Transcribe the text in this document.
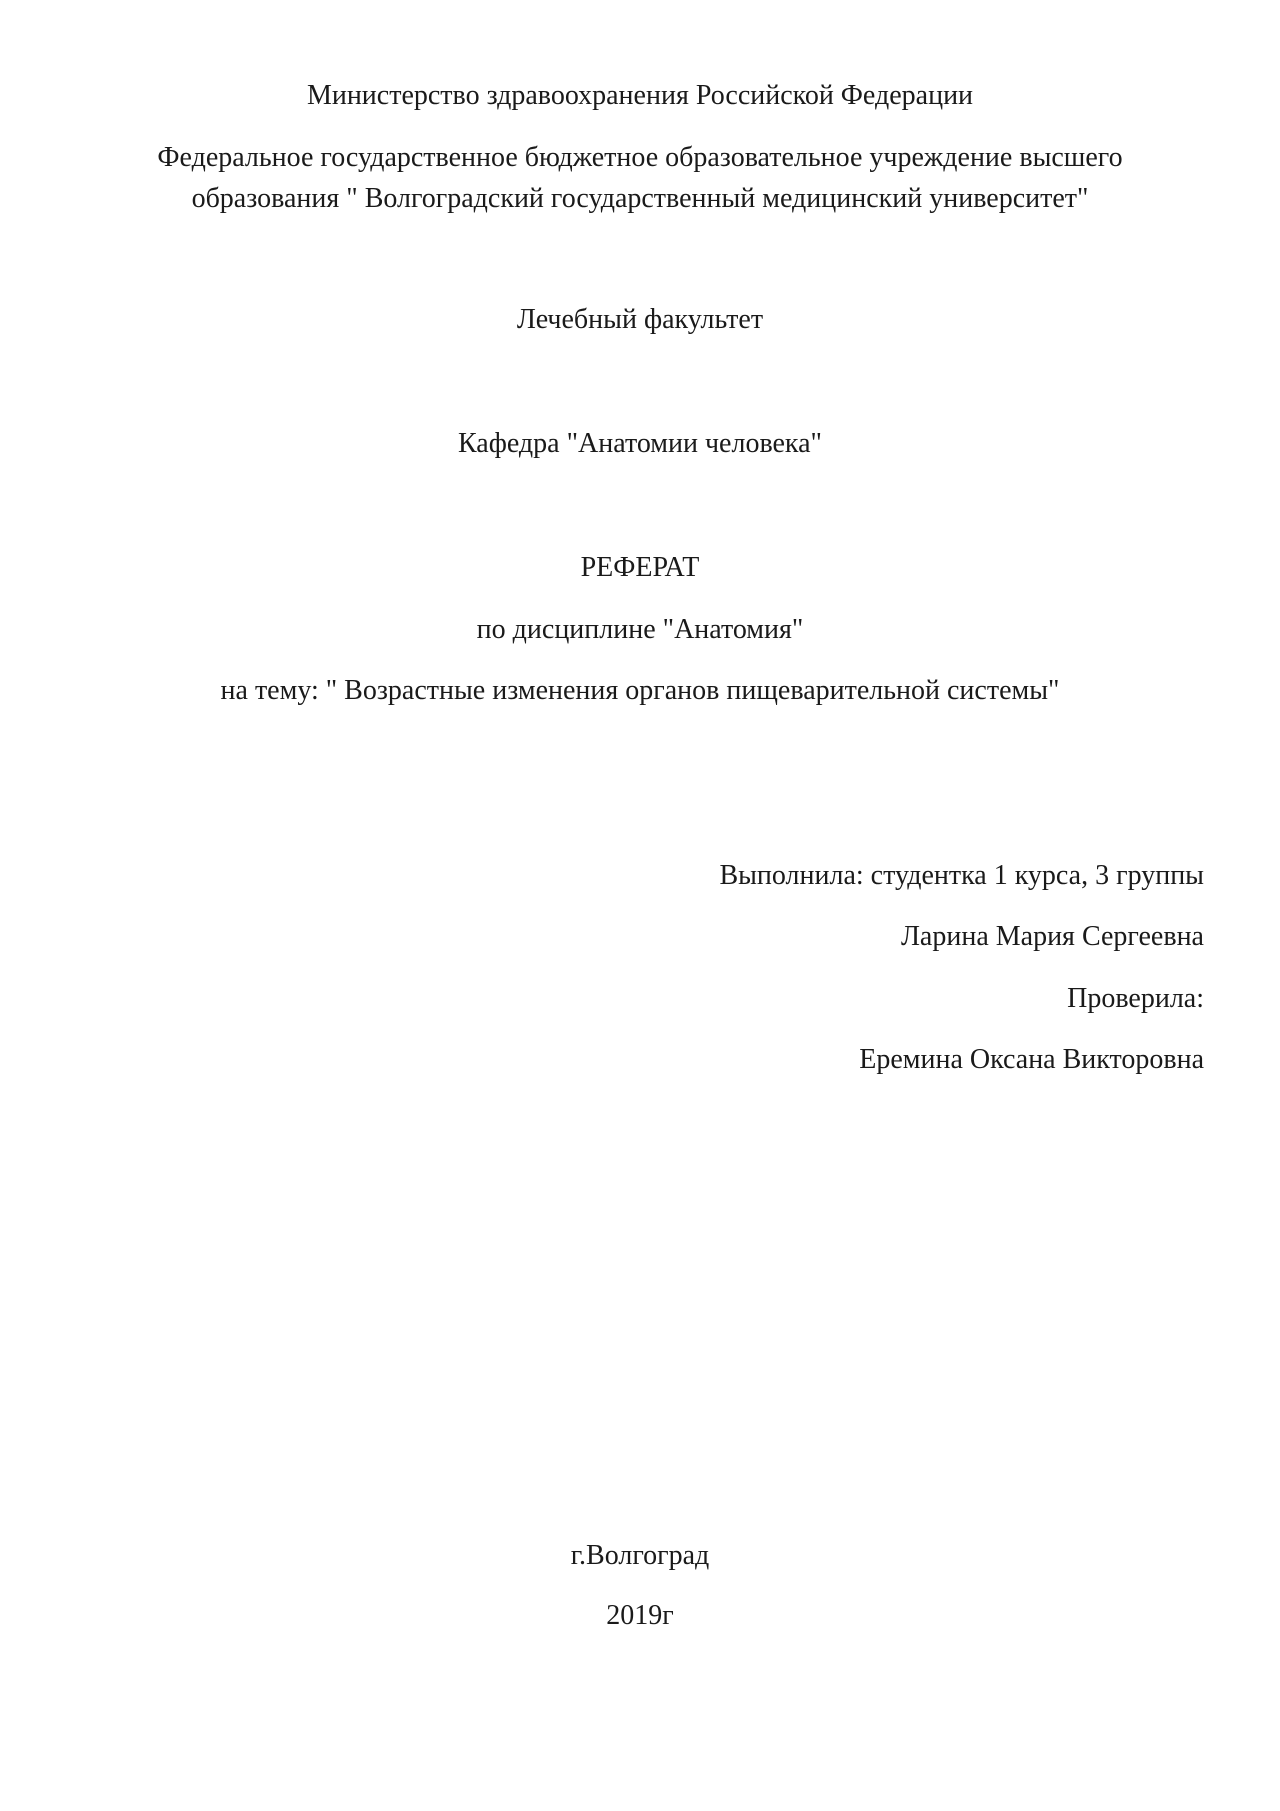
Министерство здравоохранения Российской Федерации
Федеральное государственное бюджетное образовательное учреждение высшего
образования " Волгоградский государственный медицинский университет"
Лечебный факультет
Кафедра "Анатомии человека"
РЕФЕРАТ
по дисциплине "Анатомия"
на тему: " Возрастные изменения органов пищеварительной системы"
Выполнила: студентка 1 курса, 3 группы
Ларина Мария Сергеевна
Проверила:
Еремина Оксана Викторовна
г.Волгоград
2019г
